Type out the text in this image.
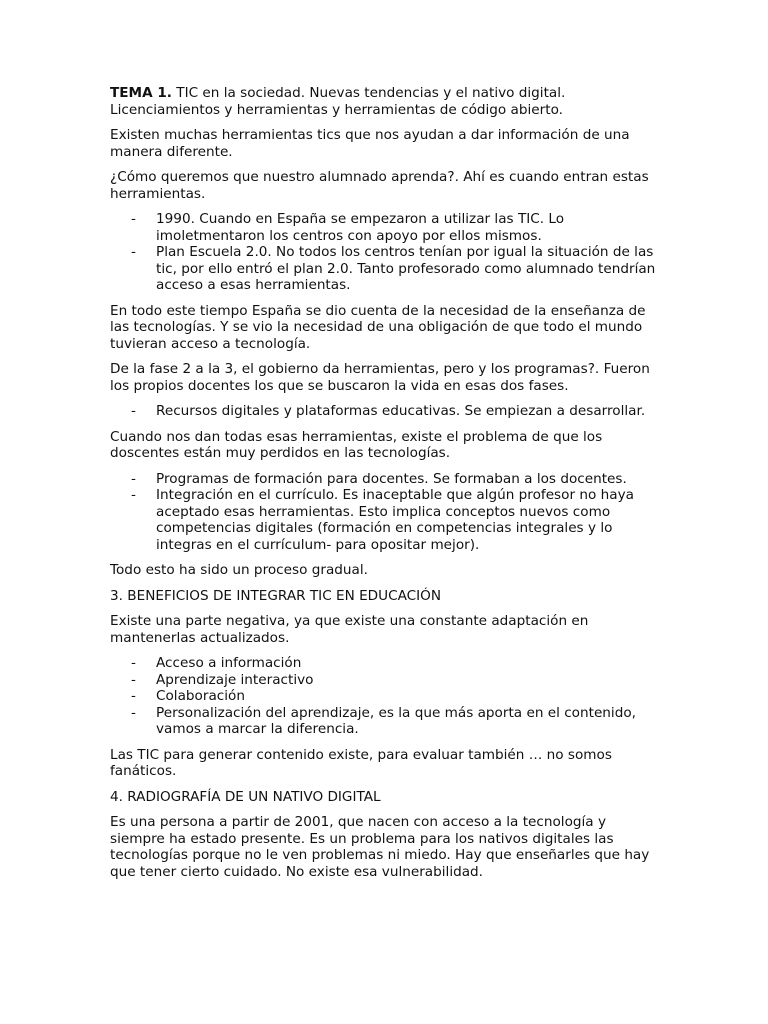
TEMA 1. TIC en la sociedad. Nuevas tendencias y el nativo digital. Licenciamientos y herramientas y herramientas de código abierto.

Existen muchas herramientas tics que nos ayudan a dar información de una manera diferente.

¿Cómo queremos que nuestro alumnado aprenda?. Ahí es cuando entran estas herramientas.

- 1990. Cuando en España se empezaron a utilizar las TIC. Lo imoletmentaron los centros con apoyo por ellos mismos.
- Plan Escuela 2.0. No todos los centros tenían por igual la situación de las tic, por ello entró el plan 2.0. Tanto profesorado como alumnado tendrían acceso a esas herramientas.

En todo este tiempo España se dio cuenta de la necesidad de la enseñanza de las tecnologías. Y se vio la necesidad de una obligación de que todo el mundo tuvieran acceso a tecnología.

De la fase 2 a la 3, el gobierno da herramientas, pero y los programas?. Fueron los propios docentes los que se buscaron la vida en esas dos fases.

- Recursos digitales y plataformas educativas. Se empiezan a desarrollar.

Cuando nos dan todas esas herramientas, existe el problema de que los doscentes están muy perdidos en las tecnologías.

- Programas de formación para docentes. Se formaban a los docentes.
- Integración en el currículo. Es inaceptable que algún profesor no haya aceptado esas herramientas. Esto implica conceptos nuevos como competencias digitales (formación en competencias integrales y lo integras en el currículum- para opositar mejor).

Todo esto ha sido un proceso gradual.

3. BENEFICIOS DE INTEGRAR TIC EN EDUCACIÓN

Existe una parte negativa, ya que existe una constante adaptación en mantenerlas actualizados.

- Acceso a información
- Aprendizaje interactivo
- Colaboración
- Personalización del aprendizaje, es la que más aporta en el contenido, vamos a marcar la diferencia.

Las TIC para generar contenido existe, para evaluar también … no somos fanáticos.

4. RADIOGRAFÍA DE UN NATIVO DIGITAL

Es una persona a partir de 2001, que nacen con acceso a la tecnología y siempre ha estado presente. Es un problema para los nativos digitales las tecnologías porque no le ven problemas ni miedo. Hay que enseñarles que hay que tener cierto cuidado. No existe esa vulnerabilidad.
